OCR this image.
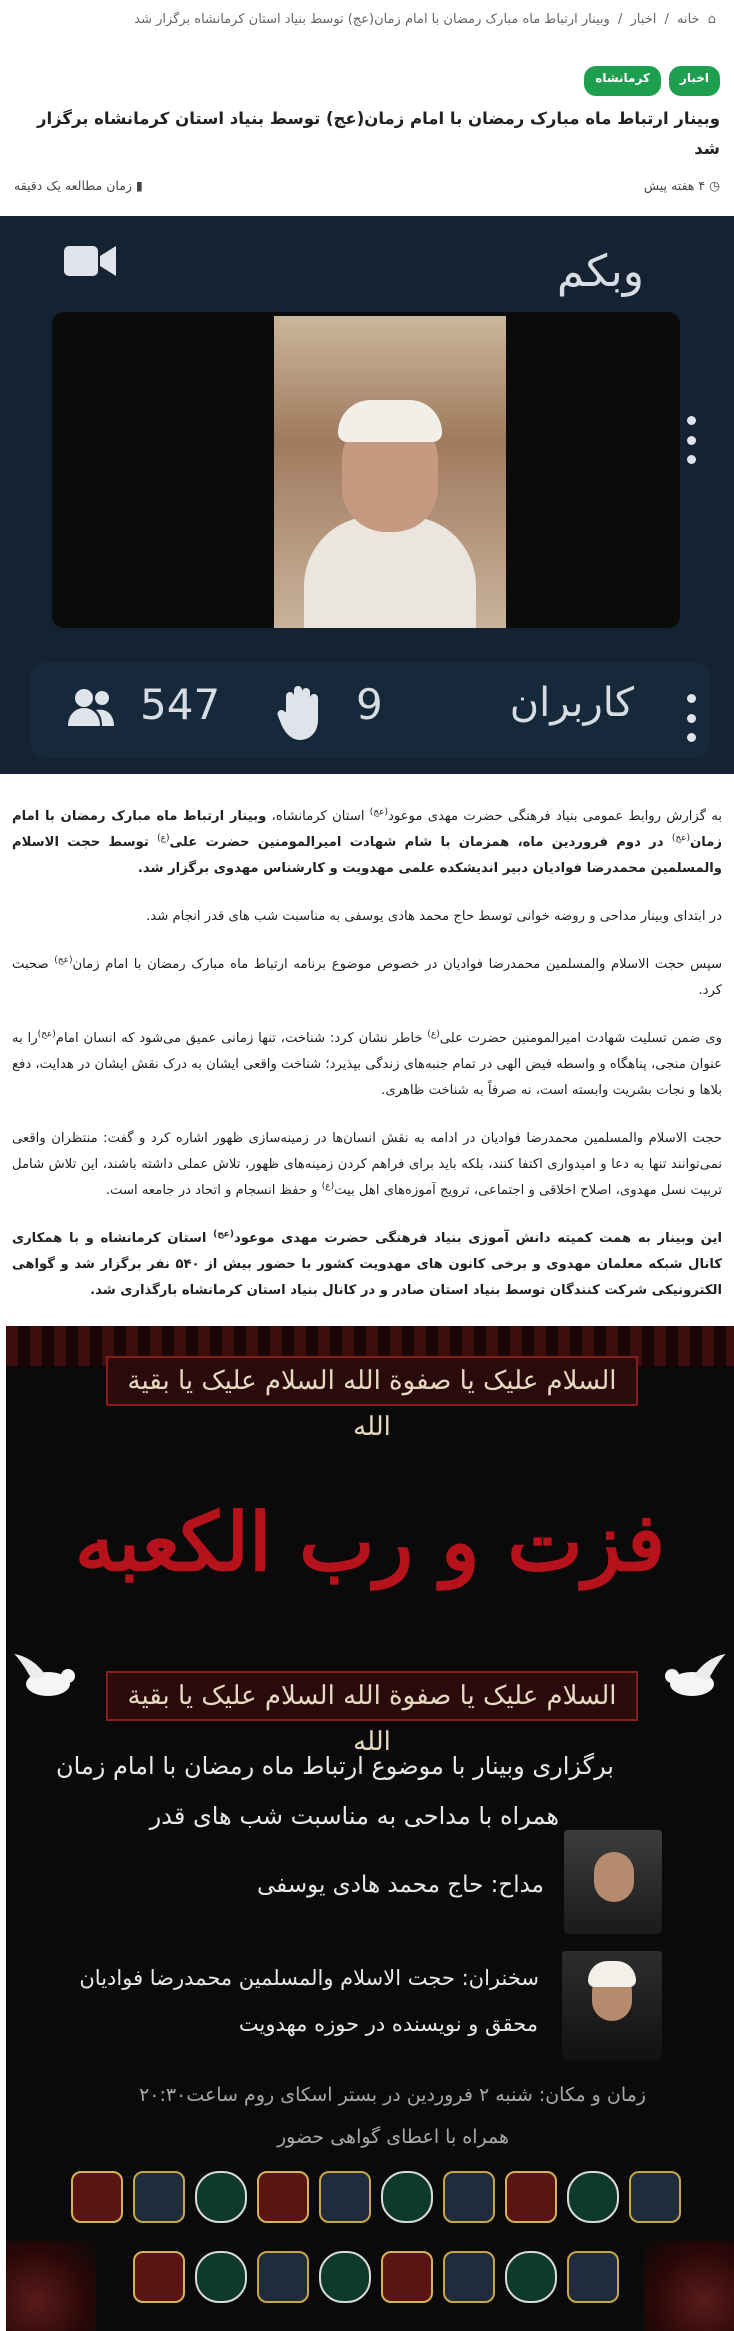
⌂ خانه / اخبار / وبینار ارتباط ماه مبارک رمضان با امام زمان(عج) توسط بنیاد استان کرمانشاه برگزار شد
اخبار
کرمانشاه
وبینار ارتباط ماه مبارک رمضان با امام زمان(عج) توسط بنیاد استان کرمانشاه برگزار شد
◷ ۴ هفته پیش
▮ زمان مطالعه یک دقیقه
وبکم
کاربران
9
547

به گزارش روابط عمومی بنیاد فرهنگی حضرت مهدی موعود$^{(عج)}$ استان کرمانشاه، وبینار ارتباط ماه مبارک رمضان با امام زمان$^{(عج)}$ در دوم فروردین ماه، همزمان با شام شهادت امیرالمومنین حضرت علی$^{(ع)}$ توسط حجت الاسلام والمسلمین محمدرضا فوادیان دبیر اندیشکده علمی مهدویت و کارشناس مهدوی برگزار شد.

در ابتدای وبینار مداحی و روضه خوانی توسط حاج محمد هادی یوسفی به مناسبت شب های قدر انجام شد.

سپس حجت الاسلام والمسلمین محمدرضا فوادیان در خصوص موضوع برنامه ارتباط ماه مبارک رمضان با امام زمان$^{(عج)}$ صحبت کرد.

وی ضمن تسلیت شهادت امیرالمومنین حضرت علی$^{(ع)}$ خاطر نشان کرد: شناخت، تنها زمانی عمیق می‌شود که انسان امام$^{(عج)}$را به عنوان منجی، پناهگاه و واسطه فیض الهی در تمام جنبه‌های زندگی بپذیرد؛ شناخت واقعی ایشان به درک نقش ایشان در هدایت، دفع بلاها و نجات بشریت وابسته است، نه صرفاً به شناخت ظاهری.

حجت الاسلام والمسلمین محمدرضا فوادیان در ادامه به نقش انسان‌ها در زمینه‌سازی ظهور اشاره کرد و گفت: منتظران واقعی نمی‌توانند تنها به دعا و امیدواری اکتفا کنند، بلکه باید برای فراهم کردن زمینه‌های ظهور، تلاش عملی داشته باشند، این تلاش شامل تربیت نسل مهدوی، اصلاح اخلاقی و اجتماعی، ترویج آموزه‌های اهل بیت$^{(ع)}$ و حفظ انسجام و اتحاد در جامعه است.

این وبینار به همت کمیته دانش آموزی بنیاد فرهنگی حضرت مهدی موعود$^{(عج)}$ استان کرمانشاه و با همکاری کانال شبکه معلمان مهدوی و برخی کانون های مهدویت کشور با حضور بیش از ۵۴۰ نفر برگزار شد و گواهی الکترونیکی شرکت کنندگان توسط بنیاد استان صادر و در کانال بنیاد استان کرمانشاه بارگذاری شد.

السلام علیک یا صفوة الله السلام علیک یا بقیة الله
فزت و رب الکعبه
السلام علیک یا صفوة الله السلام علیک یا بقیة الله
برگزاری وبینار با موضوع ارتباط ماه رمضان با امام زمان
همراه با مداحی به مناسبت شب های قدر
مداح: حاج محمد هادی یوسفی
سخنران: حجت الاسلام والمسلمین محمدرضا فوادیان
محقق و نویسنده در حوزه مهدویت
زمان و مکان: شنبه ۲ فروردین در بستر اسکای روم ساعت۲۰:۳۰
همراه با اعطای گواهی حضور
